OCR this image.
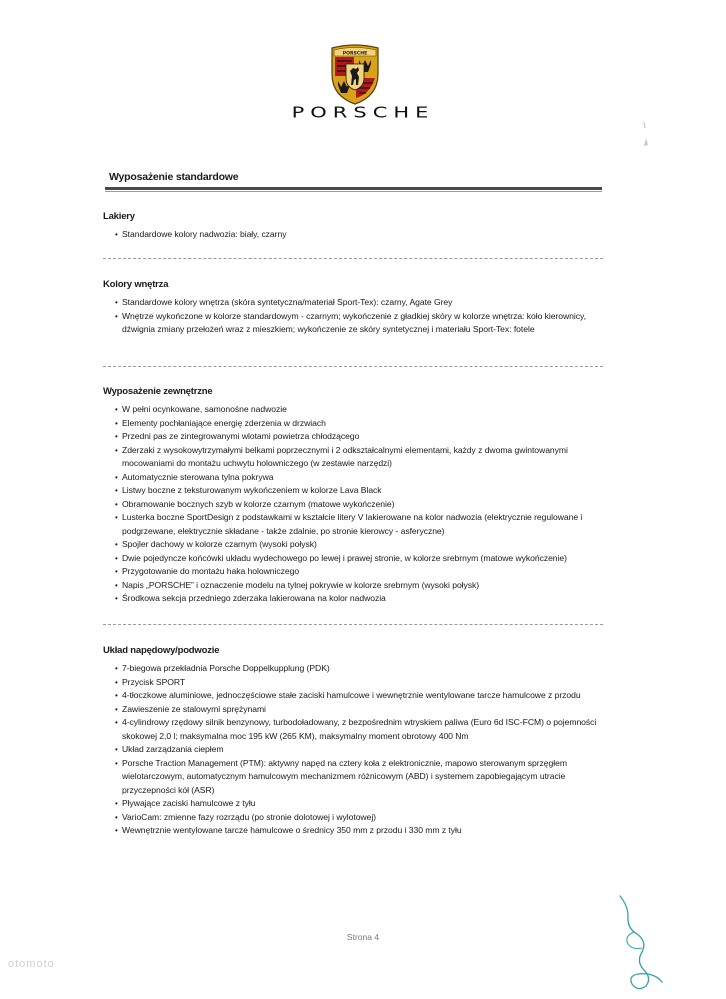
PORSCHE
PORSCHE
Wyposażenie standardowe
Lakiery
• Standardowe kolory nadwozia: biały, czarny
Kolory wnętrza
• Standardowe kolory wnętrza (skóra syntetyczna/materiał Sport-Tex): czarny, Agate Grey
• Wnętrze wykończone w kolorze standardowym - czarnym; wykończenie z gładkiej skóry w kolorze wnętrza: koło kierownicy, dźwignia zmiany przełożeń wraz z mieszkiem; wykończenie ze skóry syntetycznej i materiału Sport-Tex: fotele
Wyposażenie zewnętrzne
• W pełni ocynkowane, samonośne nadwozie
• Elementy pochłaniające energię zderzenia w drzwiach
• Przedni pas ze zintegrowanymi wlotami powietrza chłodzącego
• Zderzaki z wysokowytrzymałymi belkami poprzecznymi i 2 odkształcalnymi elementami, każdy z dwoma gwintowanymi mocowaniami do montażu uchwytu holowniczego (w zestawie narzędzi)
• Automatycznie sterowana tylna pokrywa
• Listwy boczne z teksturowanym wykończeniem w kolorze Lava Black
• Obramowanie bocznych szyb w kolorze czarnym (matowe wykończenie)
• Lusterka boczne SportDesign z podstawkami w kształcie litery V lakierowane na kolor nadwozia (elektrycznie regulowane i podgrzewane, elektrycznie składane - także zdalnie, po stronie kierowcy - asferyczne)
• Spojler dachowy w kolorze czarnym (wysoki połysk)
• Dwie pojedyncze końcówki układu wydechowego po lewej i prawej stronie, w kolorze srebrnym (matowe wykończenie)
• Przygotowanie do montażu haka holowniczego
• Napis „PORSCHE” i oznaczenie modelu na tylnej pokrywie w kolorze srebrnym (wysoki połysk)
• Środkowa sekcja przedniego zderzaka lakierowana na kolor nadwozia
Układ napędowy/podwozie
• 7-biegowa przekładnia Porsche Doppelkupplung (PDK)
• Przycisk SPORT
• 4-tłoczkowe aluminiowe, jednoczęściowe stałe zaciski hamulcowe i wewnętrznie wentylowane tarcze hamulcowe z przodu
• Zawieszenie ze stalowymi sprężynami
• 4-cylindrowy rzędowy silnik benzynowy, turbodoładowany, z bezpośrednim wtryskiem paliwa (Euro 6d ISC-FCM) o pojemności skokowej 2,0 l; maksymalna moc 195 kW (265 KM), maksymalny moment obrotowy 400 Nm
• Układ zarządzania ciepłem
• Porsche Traction Management (PTM): aktywny napęd na cztery koła z elektronicznie, mapowo sterowanym sprzęgłem wielotarczowym, automatycznym hamulcowym mechanizmem różnicowym (ABD) i systemem zapobiegającym utracie przyczepności kół (ASR)
• Pływające zaciski hamulcowe z tyłu
• VarioCam: zmienne fazy rozrządu (po stronie dolotowej i wylotowej)
• Wewnętrznie wentylowane tarcze hamulcowe o średnicy 350 mm z przodu i 330 mm z tyłu
Strona 4
otomoto
